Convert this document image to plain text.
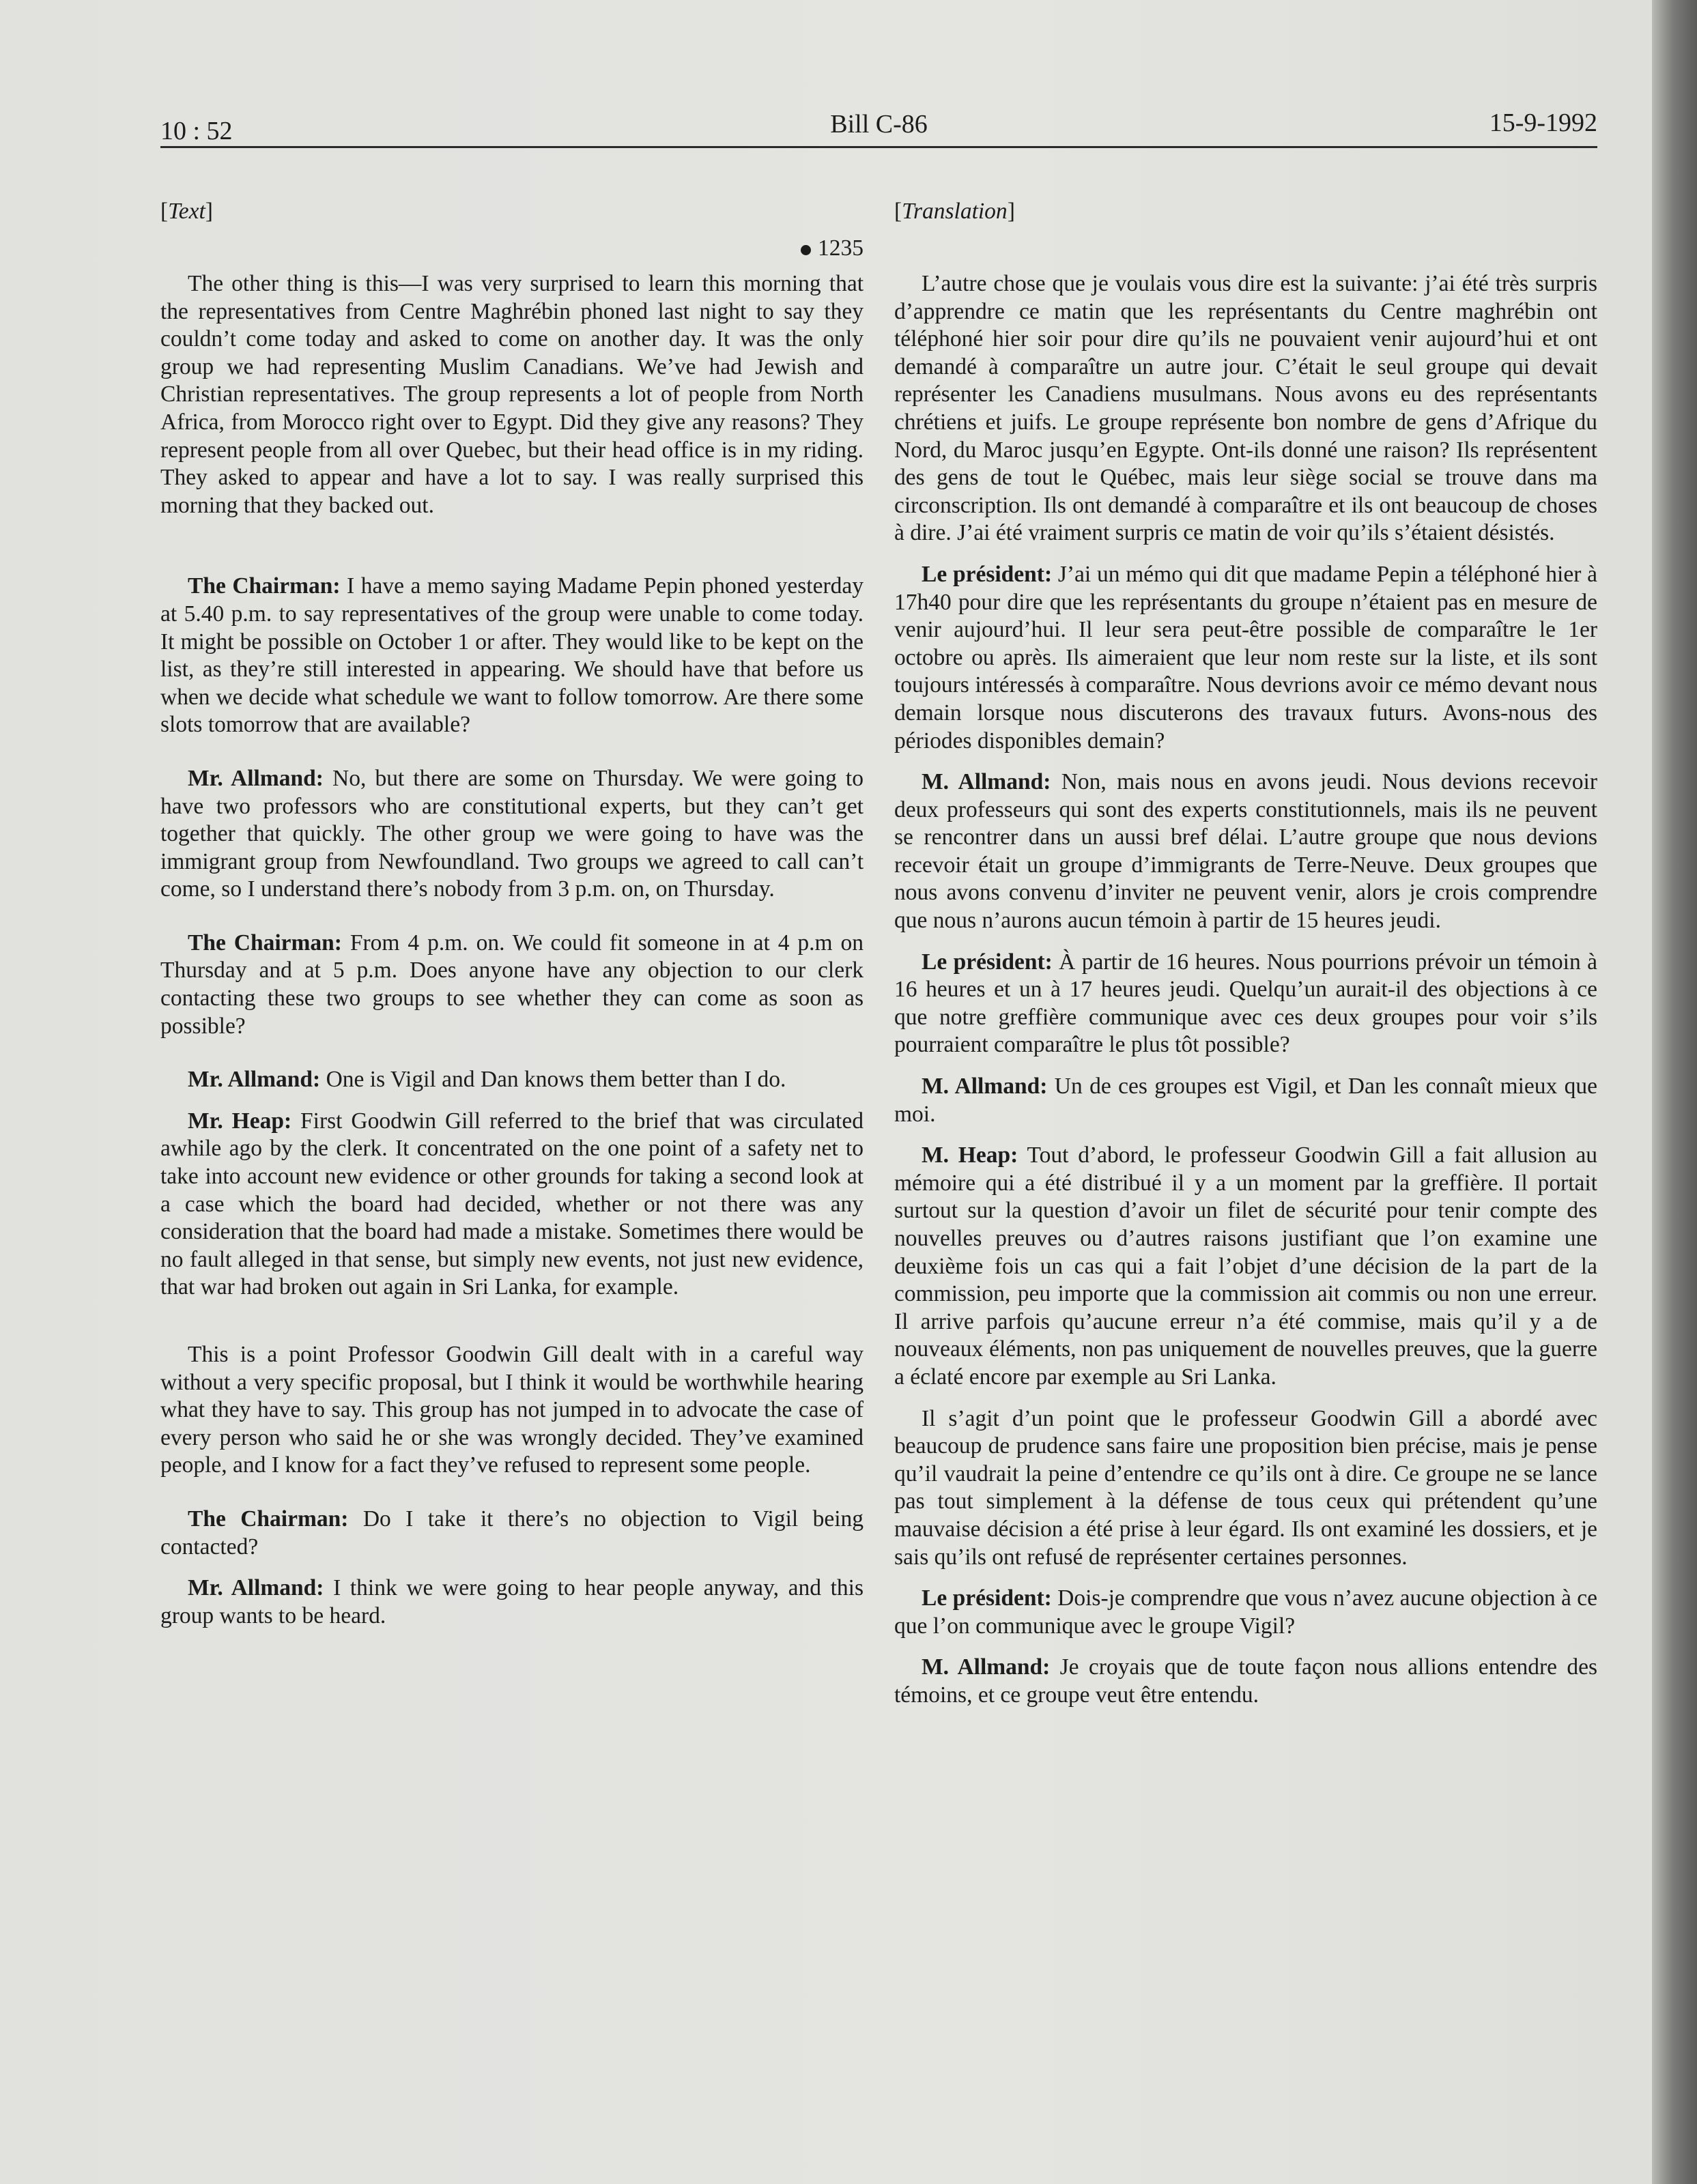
10 : 52	Bill C-86	15-9-1992
[Text]
1235

The other thing is this—I was very surprised to learn this morning that the representatives from Centre Maghrébin phoned last night to say they couldn’t come today and asked to come on another day. It was the only group we had representing Muslim Canadians. We’ve had Jewish and Christian representatives. The group represents a lot of people from North Africa, from Morocco right over to Egypt. Did they give any reasons? They represent people from all over Quebec, but their head office is in my riding. They asked to appear and have a lot to say. I was really surprised this morning that they backed out.

The Chairman: I have a memo saying Madame Pepin phoned yesterday at 5.40 p.m. to say representatives of the group were unable to come today. It might be possible on October 1 or after. They would like to be kept on the list, as they’re still interested in appearing. We should have that before us when we decide what schedule we want to follow tomorrow. Are there some slots tomorrow that are available?

Mr. Allmand: No, but there are some on Thursday. We were going to have two professors who are constitutional experts, but they can’t get together that quickly. The other group we were going to have was the immigrant group from Newfoundland. Two groups we agreed to call can’t come, so I understand there’s nobody from 3 p.m. on, on Thursday.

The Chairman: From 4 p.m. on. We could fit someone in at 4 p.m on Thursday and at 5 p.m. Does anyone have any objection to our clerk contacting these two groups to see whether they can come as soon as possible?

Mr. Allmand: One is Vigil and Dan knows them better than I do.

Mr. Heap: First Goodwin Gill referred to the brief that was circulated awhile ago by the clerk. It concentrated on the one point of a safety net to take into account new evidence or other grounds for taking a second look at a case which the board had decided, whether or not there was any consideration that the board had made a mistake. Sometimes there would be no fault alleged in that sense, but simply new events, not just new evidence, that war had broken out again in Sri Lanka, for example.

This is a point Professor Goodwin Gill dealt with in a careful way without a very specific proposal, but I think it would be worthwhile hearing what they have to say. This group has not jumped in to advocate the case of every person who said he or she was wrongly decided. They’ve examined people, and I know for a fact they’ve refused to represent some people.

The Chairman: Do I take it there’s no objection to Vigil being contacted?

Mr. Allmand: I think we were going to hear people anyway, and this group wants to be heard.

[Translation]

L’autre chose que je voulais vous dire est la suivante: j’ai été très surpris d’apprendre ce matin que les représentants du Centre maghrébin ont téléphoné hier soir pour dire qu’ils ne pouvaient venir aujourd’hui et ont demandé à comparaître un autre jour. C’était le seul groupe qui devait représenter les Canadiens musulmans. Nous avons eu des représentants chrétiens et juifs. Le groupe représente bon nombre de gens d’Afrique du Nord, du Maroc jusqu’en Egypte. Ont-ils donné une raison? Ils représentent des gens de tout le Québec, mais leur siège social se trouve dans ma circonscription. Ils ont demandé à comparaître et ils ont beaucoup de choses à dire. J’ai été vraiment surpris ce matin de voir qu’ils s’étaient désistés.

Le président: J’ai un mémo qui dit que madame Pepin a téléphoné hier à 17h40 pour dire que les représentants du groupe n’étaient pas en mesure de venir aujourd’hui. Il leur sera peut-être possible de comparaître le 1er octobre ou après. Ils aimeraient que leur nom reste sur la liste, et ils sont toujours intéressés à comparaître. Nous devrions avoir ce mémo devant nous demain lorsque nous discuterons des travaux futurs. Avons-nous des périodes disponibles demain?

M. Allmand: Non, mais nous en avons jeudi. Nous devions recevoir deux professeurs qui sont des experts constitutionnels, mais ils ne peuvent se rencontrer dans un aussi bref délai. L’autre groupe que nous devions recevoir était un groupe d’immigrants de Terre-Neuve. Deux groupes que nous avons convenu d’inviter ne peuvent venir, alors je crois comprendre que nous n’aurons aucun témoin à partir de 15 heures jeudi.

Le président: À partir de 16 heures. Nous pourrions prévoir un témoin à 16 heures et un à 17 heures jeudi. Quelqu’un aurait-il des objections à ce que notre greffière communique avec ces deux groupes pour voir s’ils pourraient comparaître le plus tôt possible?

M. Allmand: Un de ces groupes est Vigil, et Dan les connaît mieux que moi.

M. Heap: Tout d’abord, le professeur Goodwin Gill a fait allusion au mémoire qui a été distribué il y a un moment par la greffière. Il portait surtout sur la question d’avoir un filet de sécurité pour tenir compte des nouvelles preuves ou d’autres raisons justifiant que l’on examine une deuxième fois un cas qui a fait l’objet d’une décision de la part de la commission, peu importe que la commission ait commis ou non une erreur. Il arrive parfois qu’aucune erreur n’a été commise, mais qu’il y a de nouveaux éléments, non pas uniquement de nouvelles preuves, que la guerre a éclaté encore par exemple au Sri Lanka.

Il s’agit d’un point que le professeur Goodwin Gill a abordé avec beaucoup de prudence sans faire une proposition bien précise, mais je pense qu’il vaudrait la peine d’entendre ce qu’ils ont à dire. Ce groupe ne se lance pas tout simplement à la défense de tous ceux qui prétendent qu’une mauvaise décision a été prise à leur égard. Ils ont examiné les dossiers, et je sais qu’ils ont refusé de représenter certaines personnes.

Le président: Dois-je comprendre que vous n’avez aucune objection à ce que l’on communique avec le groupe Vigil?

M. Allmand: Je croyais que de toute façon nous allions entendre des témoins, et ce groupe veut être entendu.
